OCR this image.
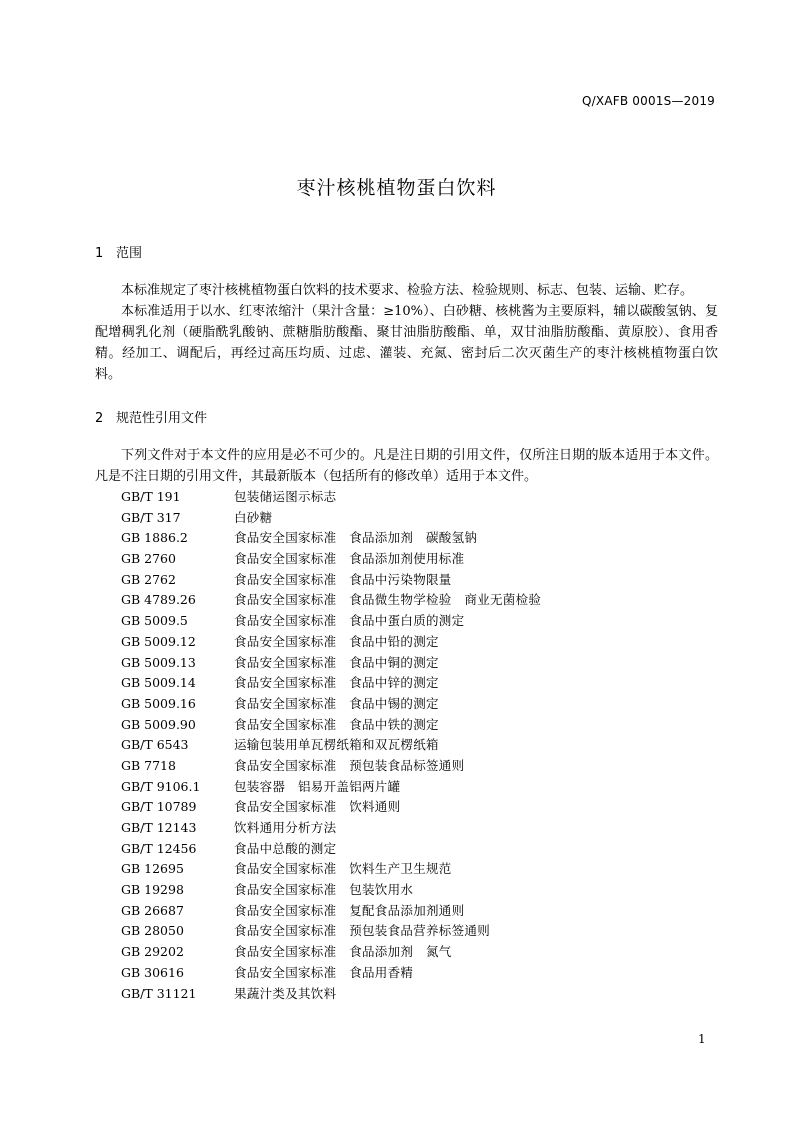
Q/XAFB 0001S—2019
枣汁核桃植物蛋白饮料
1 范围

本标准规定了枣汁核桃植物蛋白饮料的技术要求、检验方法、检验规则、标志、包装、运输、贮存。

本标准适用于以水、红枣浓缩汁（果汁含量：≥10%）、白砂糖、核桃酱为主要原料，辅以碳酸氢钠、复配增稠乳化剂（硬脂酰乳酸钠、蔗糖脂肪酸酯、聚甘油脂肪酸酯、单，双甘油脂肪酸酯、黄原胶）、食用香精。经加工、调配后，再经过高压均质、过虑、灌装、充氮、密封后二次灭菌生产的枣汁核桃植物蛋白饮料。

2 规范性引用文件

下列文件对于本文件的应用是必不可少的。凡是注日期的引用文件，仅所注日期的版本适用于本文件。凡是不注日期的引用文件，其最新版本（包括所有的修改单）适用于本文件。

GB/T 191	包装储运图示标志
GB/T 317	白砂糖
GB 1886.2	食品安全国家标准　食品添加剂　碳酸氢钠
GB 2760	食品安全国家标准　食品添加剂使用标准
GB 2762	食品安全国家标准　食品中污染物限量
GB 4789.26	食品安全国家标准　食品微生物学检验　商业无菌检验
GB 5009.5	食品安全国家标准　食品中蛋白质的测定
GB 5009.12	食品安全国家标准　食品中铅的测定
GB 5009.13	食品安全国家标准　食品中铜的测定
GB 5009.14	食品安全国家标准　食品中锌的测定
GB 5009.16	食品安全国家标准　食品中锡的测定
GB 5009.90	食品安全国家标准　食品中铁的测定
GB/T 6543	运输包装用单瓦楞纸箱和双瓦楞纸箱
GB 7718	食品安全国家标准　预包装食品标签通则
GB/T 9106.1	包装容器　铝易开盖铝两片罐
GB/T 10789	食品安全国家标准　饮料通则
GB/T 12143	饮料通用分析方法
GB/T 12456	食品中总酸的测定
GB 12695	食品安全国家标准　饮料生产卫生规范
GB 19298	食品安全国家标准　包装饮用水
GB 26687	食品安全国家标准　复配食品添加剂通则
GB 28050	食品安全国家标准　预包装食品营养标签通则
GB 29202	食品安全国家标准　食品添加剂　氮气
GB 30616	食品安全国家标准　食品用香精
GB/T 31121	果蔬汁类及其饮料
1
